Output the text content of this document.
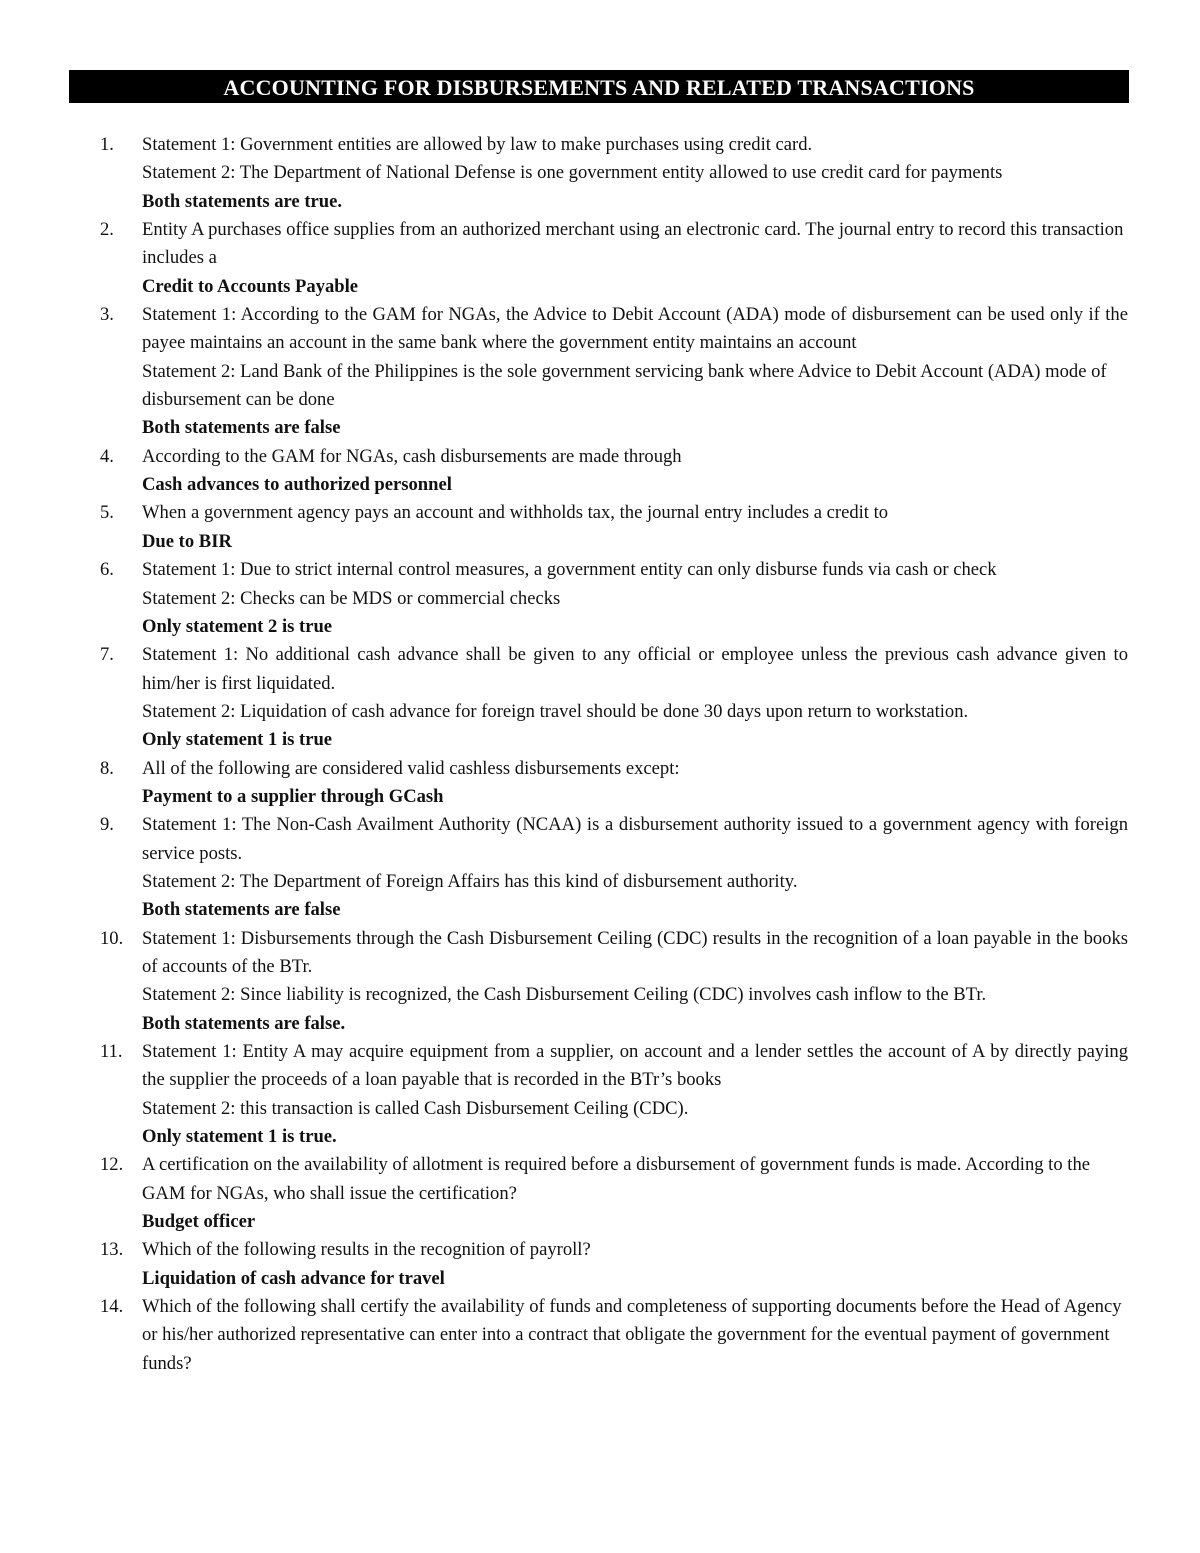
ACCOUNTING FOR DISBURSEMENTS AND RELATED TRANSACTIONS
1.	Statement 1: Government entities are allowed by law to make purchases using credit card.
Statement 2: The Department of National Defense is one government entity allowed to use credit card for payments
Both statements are true.
2.	Entity A purchases office supplies from an authorized merchant using an electronic card. The journal entry to record this transaction includes a
Credit to Accounts Payable
3.	Statement 1: According to the GAM for NGAs, the Advice to Debit Account (ADA) mode of disbursement can be used only if the payee maintains an account in the same bank where the government entity maintains an account
Statement 2: Land Bank of the Philippines is the sole government servicing bank where Advice to Debit Account (ADA) mode of disbursement can be done
Both statements are false
4.	According to the GAM for NGAs, cash disbursements are made through
Cash advances to authorized personnel
5.	When a government agency pays an account and withholds tax, the journal entry includes a credit to
Due to BIR
6.	Statement 1: Due to strict internal control measures, a government entity can only disburse funds via cash or check
Statement 2: Checks can be MDS or commercial checks
Only statement 2 is true
7.	Statement 1: No additional cash advance shall be given to any official or employee unless the previous cash advance given to him/her is first liquidated.
Statement 2: Liquidation of cash advance for foreign travel should be done 30 days upon return to workstation.
Only statement 1 is true
8.	All of the following are considered valid cashless disbursements except:
Payment to a supplier through GCash
9.	Statement 1: The Non-Cash Availment Authority (NCAA) is a disbursement authority issued to a government agency with foreign service posts.
Statement 2: The Department of Foreign Affairs has this kind of disbursement authority.
Both statements are false
10.	Statement 1: Disbursements through the Cash Disbursement Ceiling (CDC) results in the recognition of a loan payable in the books of accounts of the BTr.
Statement 2: Since liability is recognized, the Cash Disbursement Ceiling (CDC) involves cash inflow to the BTr.
Both statements are false.
11.	Statement 1: Entity A may acquire equipment from a supplier, on account and a lender settles the account of A by directly paying the supplier the proceeds of a loan payable that is recorded in the BTr’s books
Statement 2: this transaction is called Cash Disbursement Ceiling (CDC).
Only statement 1 is true.
12.	A certification on the availability of allotment is required before a disbursement of government funds is made. According to the GAM for NGAs, who shall issue the certification?
Budget officer
13.	Which of the following results in the recognition of payroll?
Liquidation of cash advance for travel
14.	Which of the following shall certify the availability of funds and completeness of supporting documents before the Head of Agency or his/her authorized representative can enter into a contract that obligate the government for the eventual payment of government funds?
